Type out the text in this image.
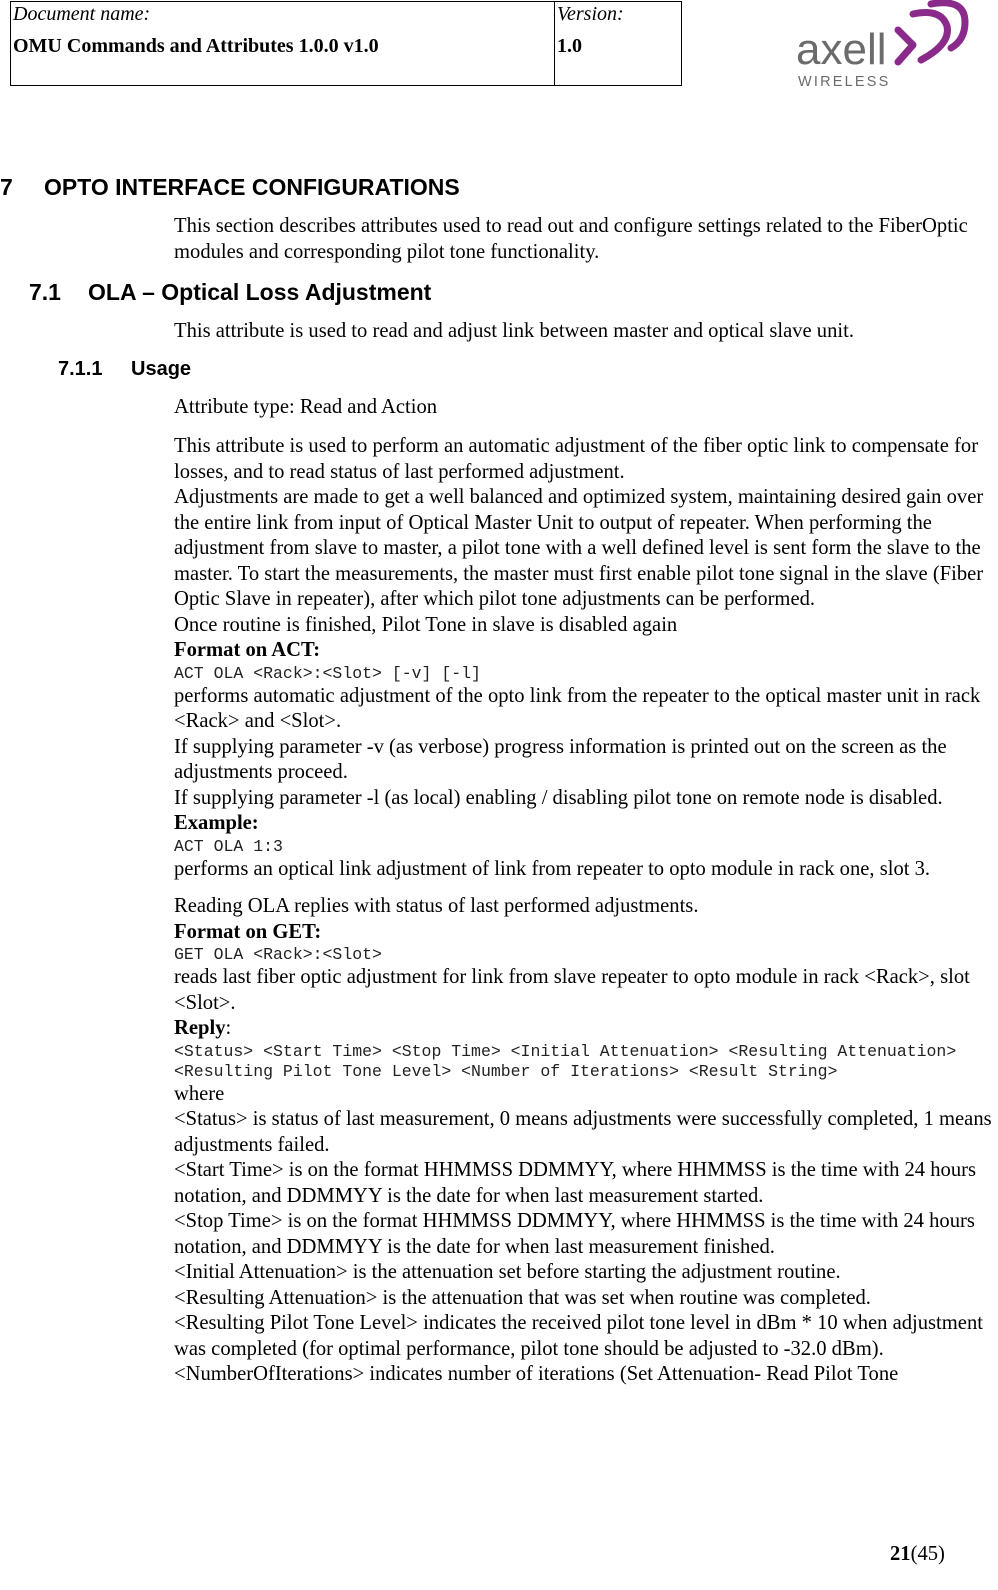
Document name:
OMU Commands and Attributes 1.0.0 v1.0
Version:
1.0	axell
WIRELESS
7 OPTO INTERFACE CONFIGURATIONS

This section describes attributes used to read out and configure settings related to the FiberOptic modules and corresponding pilot tone functionality.

7.1 OLA – Optical Loss Adjustment

This attribute is used to read and adjust link between master and optical slave unit.

7.1.1 Usage

Attribute type: Read and Action

This attribute is used to perform an automatic adjustment of the fiber optic link to compensate for losses, and to read status of last performed adjustment.

Adjustments are made to get a well balanced and optimized system, maintaining desired gain over the entire link from input of Optical Master Unit to output of repeater. When performing the adjustment from slave to master, a pilot tone with a well defined level is sent form the slave to the master. To start the measurements, the master must first enable pilot tone signal in the slave (Fiber Optic Slave in repeater), after which pilot tone adjustments can be performed.

Once routine is finished, Pilot Tone in slave is disabled again

Format on ACT:

ACT OLA <Rack>:<Slot> [-v] [-l]

performs automatic adjustment of the opto link from the repeater to the optical master unit in rack <Rack> and <Slot>.

If supplying parameter -v (as verbose) progress information is printed out on the screen as the adjustments proceed.

If supplying parameter -l (as local) enabling / disabling pilot tone on remote node is disabled.

Example:

ACT OLA 1:3

performs an optical link adjustment of link from repeater to opto module in rack one, slot 3.

Reading OLA replies with status of last performed adjustments.

Format on GET:

GET OLA <Rack>:<Slot>

reads last fiber optic adjustment for link from slave repeater to opto module in rack <Rack>, slot <Slot>.

Reply:

<Status> <Start Time> <Stop Time> <Initial Attenuation> <Resulting Attenuation> <Resulting Pilot Tone Level> <Number of Iterations> <Result String>

where

<Status> is status of last measurement, 0 means adjustments were successfully completed, 1 means adjustments failed.

<Start Time> is on the format HHMMSS DDMMYY, where HHMMSS is the time with 24 hours notation, and DDMMYY is the date for when last measurement started.

<Stop Time> is on the format HHMMSS DDMMYY, where HHMMSS is the time with 24 hours notation, and DDMMYY is the date for when last measurement finished.

<Initial Attenuation> is the attenuation set before starting the adjustment routine.

<Resulting Attenuation> is the attenuation that was set when routine was completed.

<Resulting Pilot Tone Level> indicates the received pilot tone level in dBm * 10 when adjustment was completed (for optimal performance, pilot tone should be adjusted to -32.0 dBm).

<NumberOfIterations> indicates number of iterations (Set Attenuation- Read Pilot Tone

21(45)
